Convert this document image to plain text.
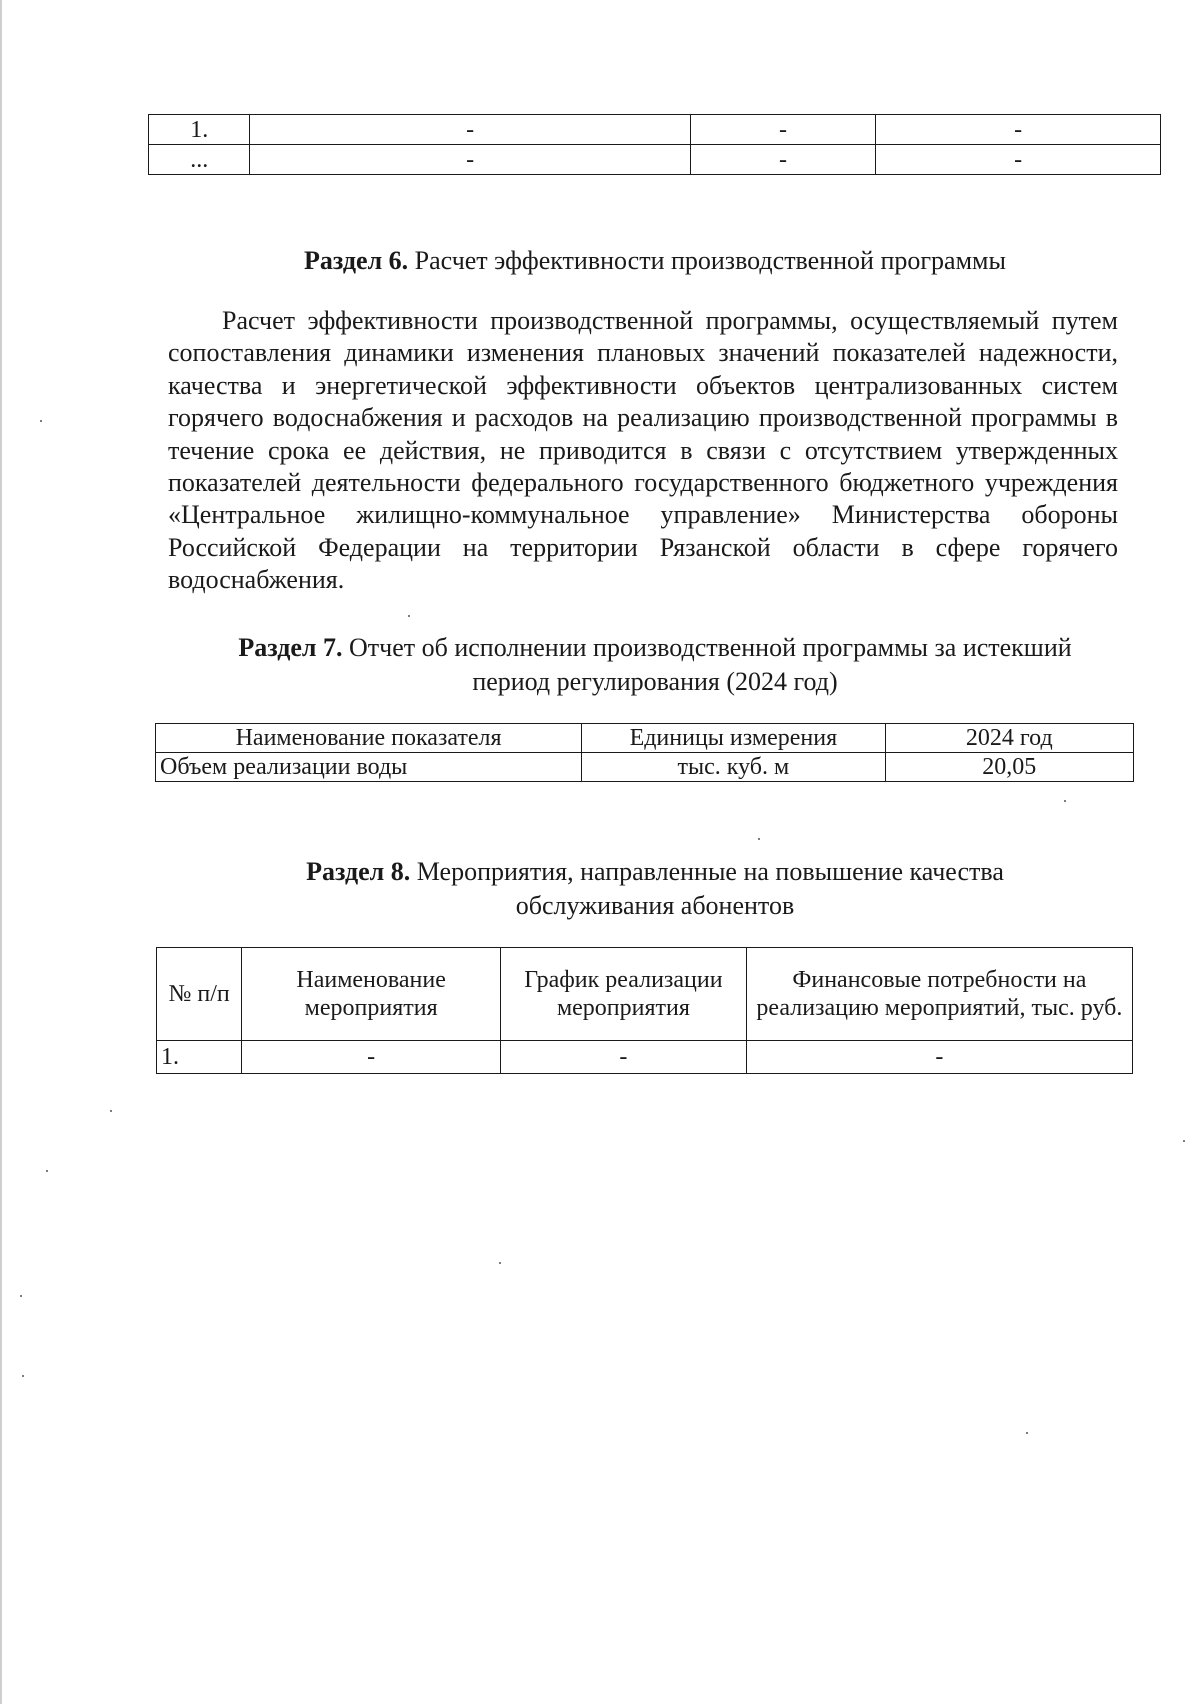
1.	-	-	-
...	-	-	-
Раздел 6. Расчет эффективности производственной программы

Расчет эффективности производственной программы, осуществляемый путем сопоставления динамики изменения плановых значений показателей надежности, качества и энергетической эффективности объектов централизованных систем горячего водоснабжения и расходов на реализацию производственной программы в течение срока ее действия, не приводится в связи с отсутствием утвержденных показателей деятельности федерального государственного бюджетного учреждения «Центральное жилищно-коммунальное управление» Министерства обороны Российской Федерации на территории Рязанской области в сфере горячего водоснабжения.

Раздел 7. Отчет об исполнении производственной программы за истекший
период регулирования (2024 год)
Наименование показателя	Единицы измерения	2024 год
Объем реализации воды	тыс. куб. м	20,05
Раздел 8. Мероприятия, направленные на повышение качества
обслуживания абонентов
№ п/п	Наименование мероприятия	График реализации мероприятия	Финансовые потребности на реализацию мероприятий, тыс. руб.
1.	-	-	-
